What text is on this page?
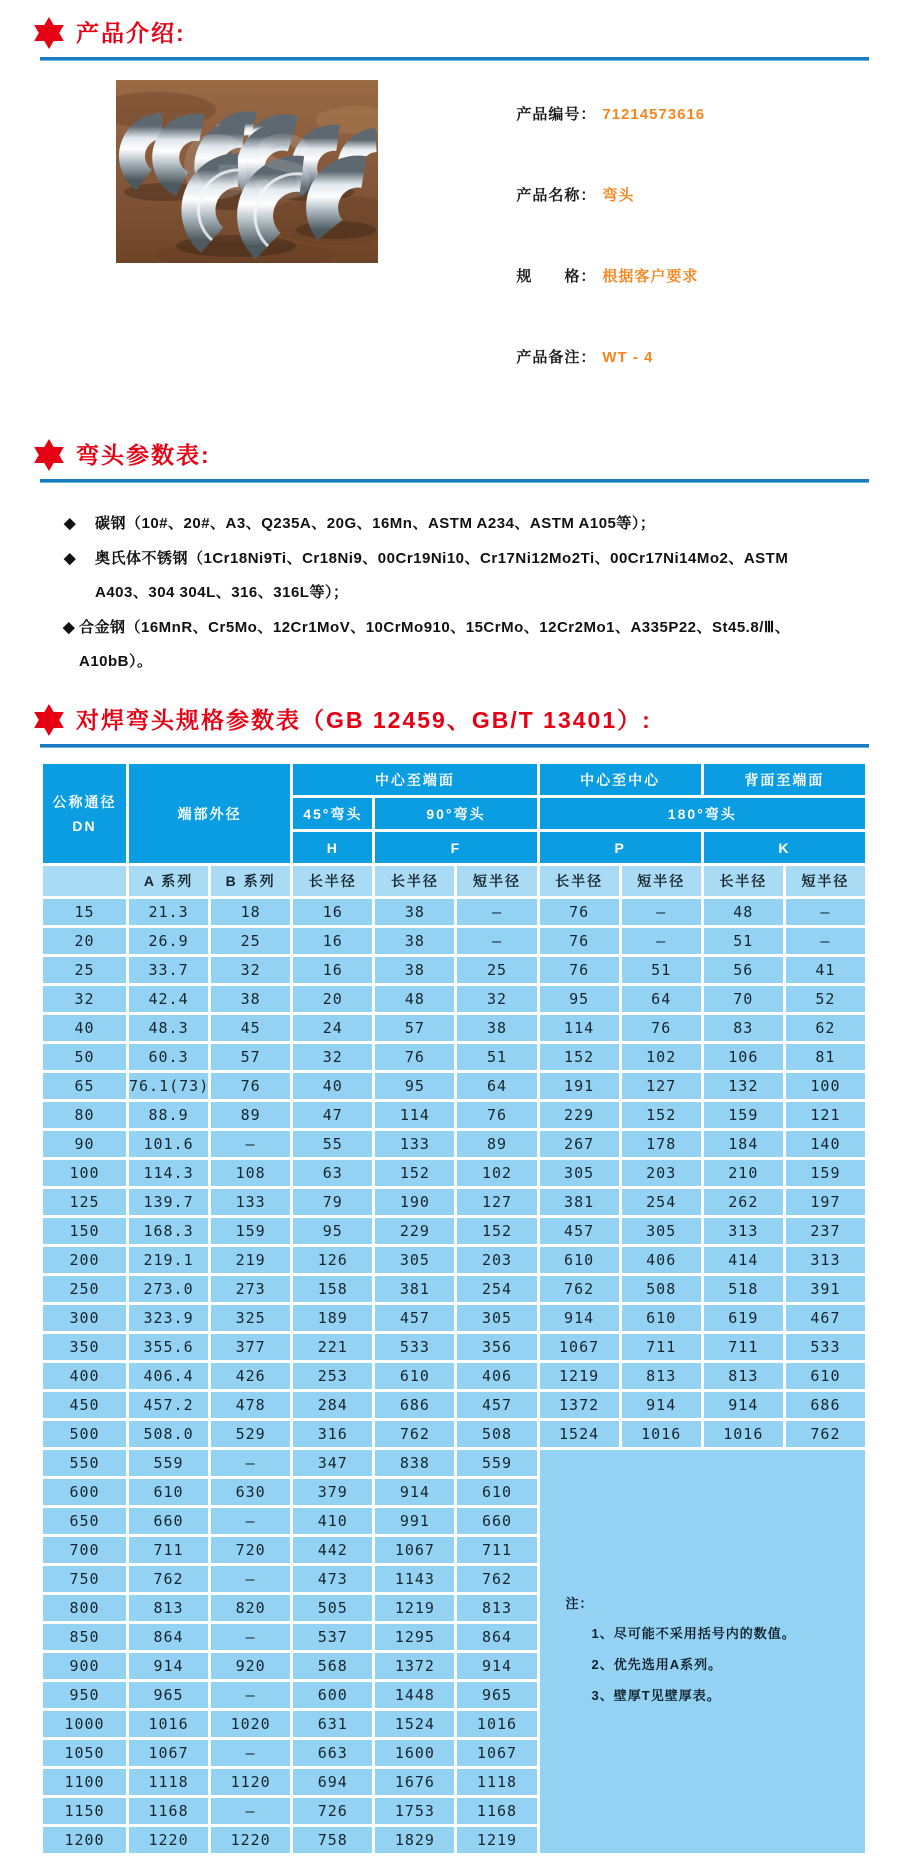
产品介绍:
GS

产品编号： 71214573616

产品名称： 弯头

规　　格： 根据客户要求

产品备注： WT - 4

弯头参数表:
◆ 碳钢（10#、20#、A3、Q235A、20G、16Mn、ASTM A234、ASTM A105等）；
◆ 奥氏体不锈钢（1Cr18Ni9Ti、Cr18Ni9、00Cr19Ni10、Cr17Ni12Mo2Ti、00Cr17Ni14Mo2、ASTM A403、304 304L、316、316L等）；
◆ 合金钢（16MnR、Cr5Mo、12Cr1MoV、10CrMo910、15CrMo、12Cr2Mo1、A335P22、St45.8/Ⅲ、A10bB）。
对焊弯头规格参数表（GB 12459、GB/T 13401）:
公称通径
DN	端部外径		中心至端面			中心至中心		背面至端面	
			45°弯头	90°弯头		180°弯头			
			H	F		P		K	
	A 系列	B 系列	长半径	长半径	短半径	长半径	短半径	长半径	短半径
15	21.3	18	16	38	—	76	—	48	—
20	26.9	25	16	38	—	76	—	51	—
25	33.7	32	16	38	25	76	51	56	41
32	42.4	38	20	48	32	95	64	70	52
40	48.3	45	24	57	38	114	76	83	62
50	60.3	57	32	76	51	152	102	106	81
65	76.1(73)	76	40	95	64	191	127	132	100
80	88.9	89	47	114	76	229	152	159	121
90	101.6	—	55	133	89	267	178	184	140
100	114.3	108	63	152	102	305	203	210	159
125	139.7	133	79	190	127	381	254	262	197
150	168.3	159	95	229	152	457	305	313	237
200	219.1	219	126	305	203	610	406	414	313
250	273.0	273	158	381	254	762	508	518	391
300	323.9	325	189	457	305	914	610	619	467
350	355.6	377	221	533	356	1067	711	711	533
400	406.4	426	253	610	406	1219	813	813	610
450	457.2	478	284	686	457	1372	914	914	686
500	508.0	529	316	762	508	1524	1016	1016	762
550	559	—	347	838	559	注：
1、尽可能不采用括号内的数值。
2、优先选用A系列。
3、壁厚T见壁厚表。			

600	610	630	379	914	610				
650	660	—	410	991	660				
700	711	720	442	1067	711				
750	762	—	473	1143	762				
800	813	820	505	1219	813				
850	864	—	537	1295	864				
900	914	920	568	1372	914				
950	965	—	600	1448	965				
1000	1016	1020	631	1524	1016				
1050	1067	—	663	1600	1067				
1100	1118	1120	694	1676	1118				
1150	1168	—	726	1753	1168				
1200	1220	1220	758	1829	1219				
